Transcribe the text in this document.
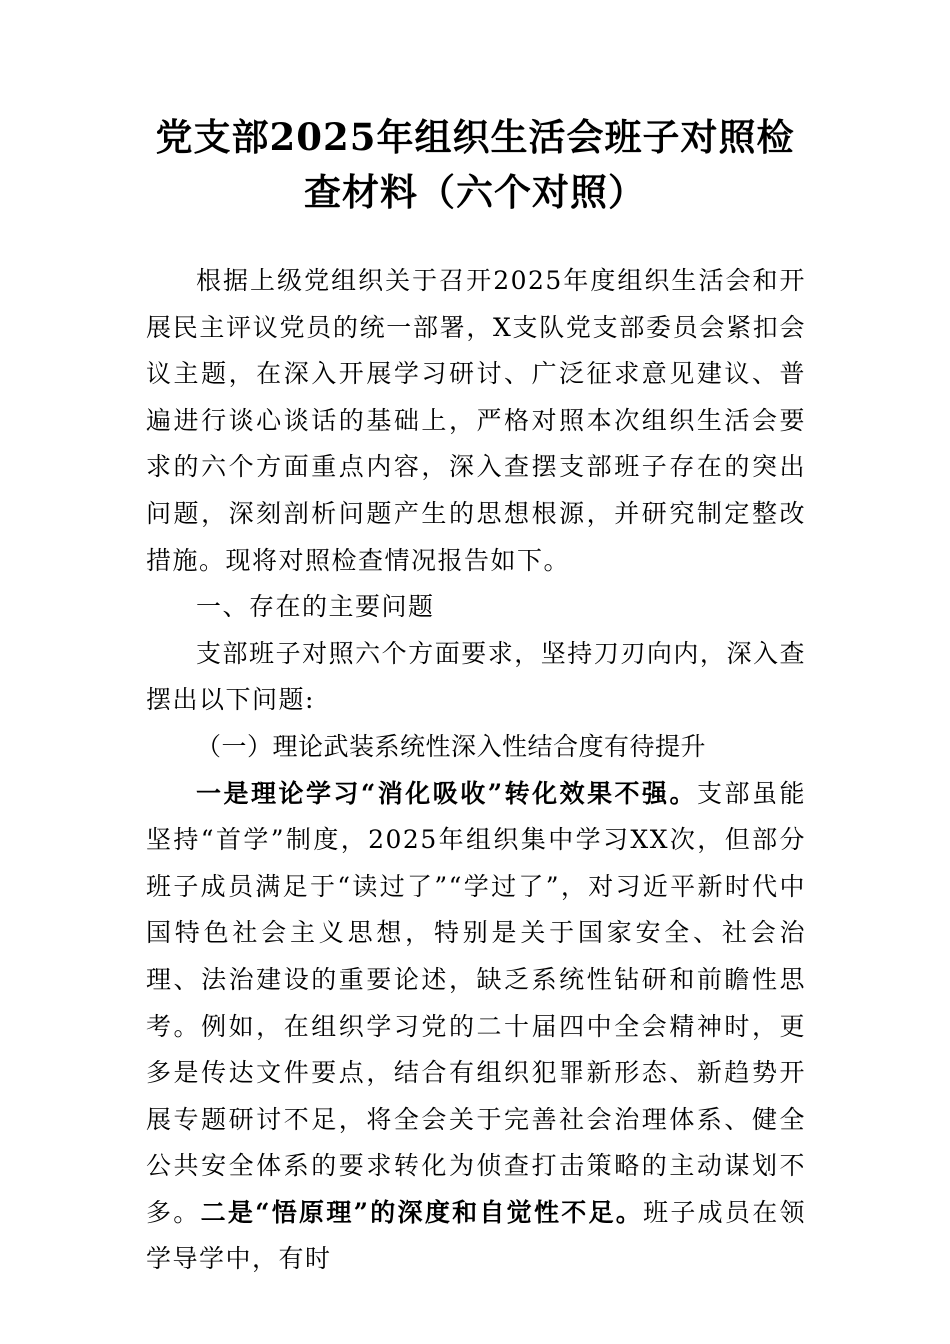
党支部2025年组织生活会班子对照检查材料（六个对照）

根据上级党组织关于召开2025年度组织生活会和开展民主评议党员的统一部署，X支队党支部委员会紧扣会议主题，在深入开展学习研讨、广泛征求意见建议、普遍进行谈心谈话的基础上，严格对照本次组织生活会要求的六个方面重点内容，深入查摆支部班子存在的突出问题，深刻剖析问题产生的思想根源，并研究制定整改措施。现将对照检查情况报告如下。

一、存在的主要问题

支部班子对照六个方面要求，坚持刀刃向内，深入查摆出以下问题:

（一）理论武装系统性深入性结合度有待提升

一是理论学习“消化吸收”转化效果不强。支部虽能坚持“首学”制度，2025年组织集中学习XX次，但部分班子成员满足于“读过了”“学过了”，对习近平新时代中国特色社会主义思想，特别是关于国家安全、社会治理、法治建设的重要论述，缺乏系统性钻研和前瞻性思考。例如，在组织学习党的二十届四中全会精神时，更多是传达文件要点，结合有组织犯罪新形态、新趋势开展专题研讨不足，将全会关于完善社会治理体系、健全公共安全体系的要求转化为侦查打击策略的主动谋划不多。二是“悟原理”的深度和自觉性不足。班子成员在领学导学中，有时
